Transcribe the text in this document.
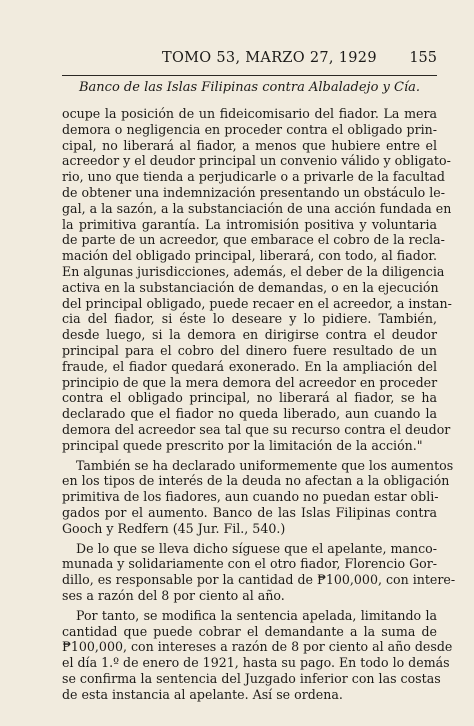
TOMO 53, MARZO 27, 1929 155
Banco de las Islas Filipinas contra Albaladejo y Cía.
ocupe la posición de un fideicomisario del fiador. La mera
demora o negligencia en proceder contra el obligado prin-
cipal, no liberará al fiador, a menos que hubiere entre el
acreedor y el deudor principal un convenio válido y obligato-
rio, uno que tienda a perjudicarle o a privarle de la facultad
de obtener una indemnización presentando un obstáculo le-
gal, a la sazón, a la substanciación de una acción fundada en
la primitiva garantía. La intromisión positiva y voluntaria
de parte de un acreedor, que embarace el cobro de la recla-
mación del obligado principal, liberará, con todo, al fiador.
En algunas jurisdicciones, además, el deber de la diligencia
activa en la substanciación de demandas, o en la ejecución
del principal obligado, puede recaer en el acreedor, a instan-
cia del fiador, si éste lo deseare y lo pidiere. También,
desde luego, si la demora en dirigirse contra el deudor
principal para el cobro del dinero fuere resultado de un
fraude, el fiador quedará exonerado. En la ampliación del
principio de que la mera demora del acreedor en proceder
contra el obligado principal, no liberará al fiador, se ha
declarado que el fiador no queda liberado, aun cuando la
demora del acreedor sea tal que su recurso contra el deudor
principal quede prescrito por la limitación de la acción."
También se ha declarado uniformemente que los aumentos
en los tipos de interés de la deuda no afectan a la obligación
primitiva de los fiadores, aun cuando no puedan estar obli-
gados por el aumento. Banco de las Islas Filipinas contra
Gooch y Redfern (45 Jur. Fil., 540.)
De lo que se lleva dicho síguese que el apelante, manco-
munada y solidariamente con el otro fiador, Florencio Gor-
dillo, es responsable por la cantidad de ₱100,000, con intere-
ses a razón del 8 por ciento al año.
Por tanto, se modifica la sentencia apelada, limitando la
cantidad que puede cobrar el demandante a la suma de
₱100,000, con intereses a razón de 8 por ciento al año desde
el día 1.º de enero de 1921, hasta su pago. En todo lo demás
se confirma la sentencia del Juzgado inferior con las costas
de esta instancia al apelante. Así se ordena.
